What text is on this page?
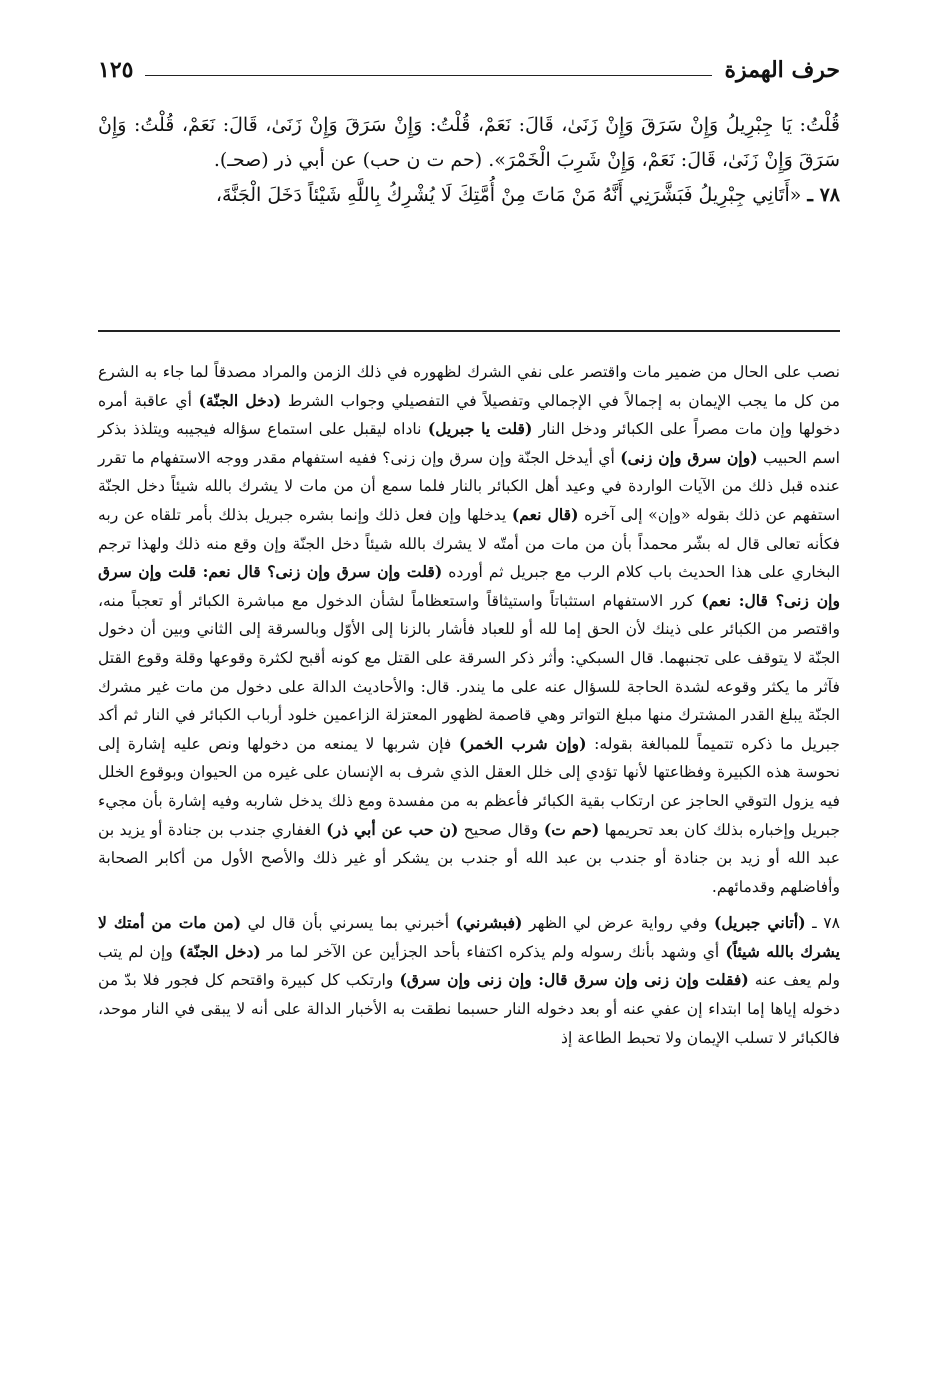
حرف الهمزة
١٢٥

قُلْتُ: يَا جِبْرِيلُ وَإِنْ سَرَقَ وَإِنْ زَنَىٰ، قَالَ: نَعَمْ، قُلْتُ: وَإِنْ سَرَقَ وَإِنْ زَنَىٰ، قَالَ: نَعَمْ، قُلْتُ: وَإِنْ سَرَقَ وَإِنْ زَنَىٰ، قَالَ: نَعَمْ، وَإِنْ شَرِبَ الْخَمْرَ». (حم ت ن حب) عن أبي ذر (صحـ).

٧٨ ـ «أَتَانِي جِبْرِيلُ فَبَشَّرَنِي أَنَّهُ مَنْ مَاتَ مِنْ أُمَّتِكَ لَا يُشْرِكُ بِاللَّهِ شَيْئاً دَخَلَ الْجَنَّةَ،

نصب على الحال من ضمير مات واقتصر على نفي الشرك لظهوره في ذلك الزمن والمراد مصدقاً لما جاء به الشرع من كل ما يجب الإيمان به إجمالاً في الإجمالي وتفصيلاً في التفصيلي وجواب الشرط (دخل الجنّة) أي عاقبة أمره دخولها وإن مات مصراً على الكبائر ودخل النار (قلت يا جبريل) ناداه ليقبل على استماع سؤاله فيجيبه ويتلذذ بذكر اسم الحبيب (وإن سرق وإن زنى) أي أيدخل الجنّة وإن سرق وإن زنى؟ ففيه استفهام مقدر ووجه الاستفهام ما تقرر عنده قبل ذلك من الآيات الواردة في وعيد أهل الكبائر بالنار فلما سمع أن من مات لا يشرك بالله شيئاً دخل الجنّة استفهم عن ذلك بقوله «وإن» إلى آخره (قال نعم) يدخلها وإن فعل ذلك وإنما بشره جبريل بذلك بأمر تلقاه عن ربه فكأنه تعالى قال له بشّر محمداً بأن من مات من أمتّه لا يشرك بالله شيئاً دخل الجنّة وإن وقع منه ذلك ولهذا ترجم البخاري على هذا الحديث باب كلام الرب مع جبريل ثم أورده (قلت وإن سرق وإن زنى؟ قال نعم: قلت وإن سرق وإن زنى؟ قال: نعم) كرر الاستفهام استثباتاً واستيثاقاً واستعظاماً لشأن الدخول مع مباشرة الكبائر أو تعجباً منه، واقتصر من الكبائر على ذينك لأن الحق إما لله أو للعباد فأشار بالزنا إلى الأوّل وبالسرقة إلى الثاني وبين أن دخول الجنّة لا يتوقف على تجنبهما. قال السبكي: وأثر ذكر السرقة على القتل مع كونه أقبح لكثرة وقوعها وقلة وقوع القتل فآثر ما يكثر وقوعه لشدة الحاجة للسؤال عنه على ما يندر. قال: والأحاديث الدالة على دخول من مات غير مشرك الجنّة يبلغ القدر المشترك منها مبلغ التواتر وهي قاصمة لظهور المعتزلة الزاعمين خلود أرباب الكبائر في النار ثم أكد جبريل ما ذكره تتميماً للمبالغة بقوله: (وإن شرب الخمر) فإن شربها لا يمنعه من دخولها ونص عليه إشارة إلى نحوسة هذه الكبيرة وفظاعتها لأنها تؤدي إلى خلل العقل الذي شرف به الإنسان على غيره من الحيوان وبوقوع الخلل فيه يزول التوقي الحاجز عن ارتكاب بقية الكبائر فأعظم به من مفسدة ومع ذلك يدخل شاربه وفيه إشارة بأن مجيء جبريل وإخباره بذلك كان بعد تحريمها (حم ت) وقال صحيح (ن حب عن أبي ذر) الغفاري جندب بن جنادة أو يزيد بن عبد الله أو زيد بن جنادة أو جندب بن عبد الله أو جندب بن يشكر أو غير ذلك والأصح الأول من أكابر الصحابة وأفاضلهم وقدمائهم.

٧٨ ـ (أتاني جبريل) وفي رواية عرض لي الظهر (فبشرني) أخبرني بما يسرني بأن قال لي (من مات من أمتك لا يشرك بالله شيئاً) أي وشهد بأنك رسوله ولم يذكره اكتفاء بأحد الجزأين عن الآخر لما مر (دخل الجنّة) وإن لم يتب ولم يعف عنه (فقلت وإن زنى وإن سرق قال: وإن زنى وإن سرق) وارتكب كل كبيرة واقتحم كل فجور فلا بدّ من دخوله إياها إما ابتداء إن عفي عنه أو بعد دخوله النار حسبما نطقت به الأخبار الدالة على أنه لا يبقى في النار موحد، فالكبائر لا تسلب الإيمان ولا تحبط الطاعة إذ
